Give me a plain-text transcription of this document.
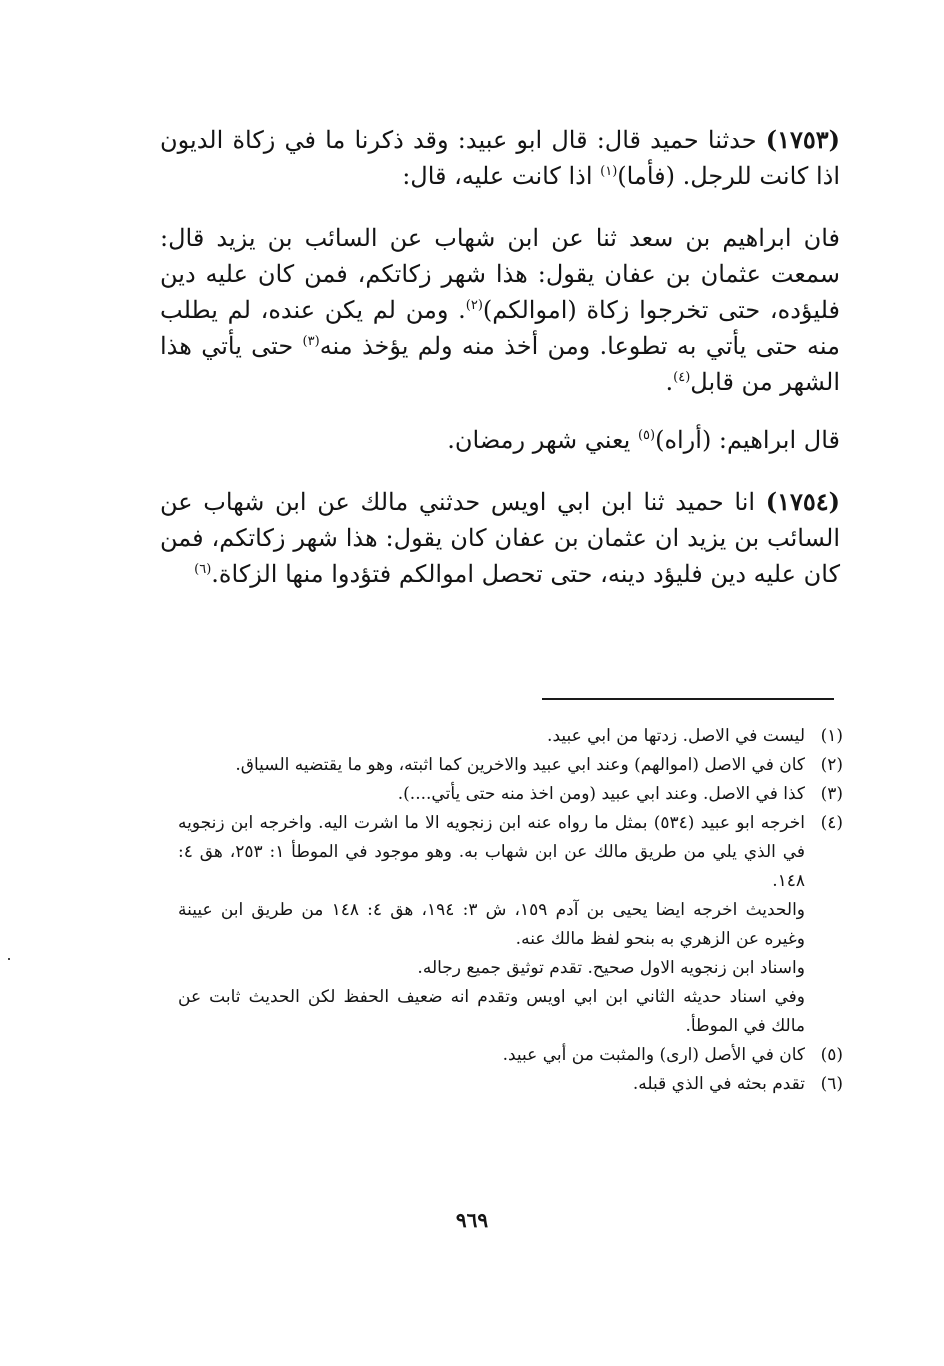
(١٧٥٣) حدثنا حميد قال: قال ابو عبيد: وقد ذكرنا ما في زكاة الديون اذا كانت للرجل. (فأما)$^{(١)}$ اذا كانت عليه، قال:

فان ابراهيم بن سعد ثنا عن ابن شهاب عن السائب بن يزيد قال: سمعت عثمان بن عفان يقول: هذا شهر زكاتكم، فمن كان عليه دين فليؤده، حتى تخرجوا زكاة (اموالكم)$^{(٢)}$. ومن لم يكن عنده، لم يطلب منه حتى يأتي به تطوعا. ومن أخذ منه ولم يؤخذ منه$^{(٣)}$ حتى يأتي هذا الشهر من قابل$^{(٤)}$.

قال ابراهيم: (أراه)$^{(٥)}$ يعني شهر رمضان.

(١٧٥٤) انا حميد ثنا ابن ابي اويس حدثني مالك عن ابن شهاب عن السائب بن يزيد ان عثمان بن عفان كان يقول: هذا شهر زكاتكم، فمن كان عليه دين فليؤد دينه، حتى تحصل اموالكم فتؤدوا منها الزكاة.$^{(٦)}$

(١)

ليست في الاصل. زدتها من ابي عبيد.

(٢)

كان في الاصل (اموالهم) وعند ابي عبيد والاخرين كما اثبته، وهو ما يقتضيه السياق.

(٣)

كذا في الاصل. وعند ابي عبيد (ومن اخذ منه حتى يأتي....).

(٤)

اخرجه ابو عبيد (٥٣٤) بمثل ما رواه عنه ابن زنجويه الا ما اشرت اليه. واخرجه ابن زنجويه في الذي يلي من طريق مالك عن ابن شهاب به. وهو موجود في الموطأ ١: ٢٥٣، هق ٤: ١٤٨.

والحديث اخرجه ايضا يحيى بن آدم ١٥٩، ش ٣: ١٩٤، هق ٤: ١٤٨ من طريق ابن عيينة وغيره عن الزهري به بنحو لفظ مالك عنه.

واسناد ابن زنجويه الاول صحيح. تقدم توثيق جميع رجاله.

وفي اسناد حديثه الثاني ابن ابي اويس وتقدم انه ضعيف الحفظ لكن الحديث ثابت عن مالك في الموطأ.

(٥)

كان في الأصل (ارى) والمثبت من أبي عبيد.

(٦)

تقدم بحثه في الذي قبله.

٩٦٩
